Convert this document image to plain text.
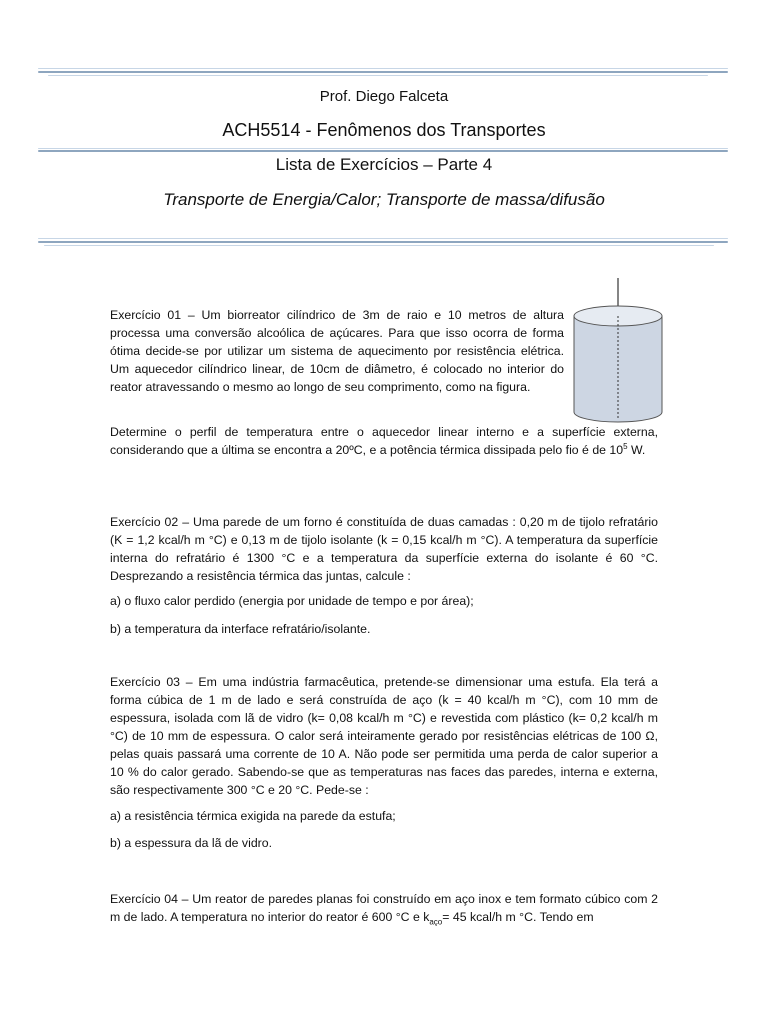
Prof. Diego Falceta
ACH5514 - Fenômenos dos Transportes
Lista de Exercícios – Parte 4
Transporte de Energia/Calor; Transporte de massa/difusão

Exercício 01 – Um biorreator cilíndrico de 3m de raio e 10 metros de altura processa uma conversão alcoólica de açúcares. Para que isso ocorra de forma ótima decide-se por utilizar um sistema de aquecimento por resistência elétrica. Um aquecedor cilíndrico linear, de 10cm de diâmetro, é colocado no interior do reator atravessando o mesmo ao longo de seu comprimento, como na figura.

Determine o perfil de temperatura entre o aquecedor linear interno e a superfície externa, considerando que a última se encontra a 20ºC, e a potência térmica dissipada pelo fio é de $10^5$ W.

Exercício 02 – Uma parede de um forno é constituída de duas camadas : 0,20 m de tijolo refratário (K = 1,2 kcal/h m °C) e 0,13 m de tijolo isolante (k = 0,15 kcal/h m °C). A temperatura da superfície interna do refratário é 1300 °C e a temperatura da superfície externa do isolante é 60 °C. Desprezando a resistência térmica das juntas, calcule :

a) o fluxo calor perdido (energia por unidade de tempo e por área);

b) a temperatura da interface refratário/isolante.

Exercício 03 – Em uma indústria farmacêutica, pretende-se dimensionar uma estufa. Ela terá a forma cúbica de 1 m de lado e será construída de aço (k = 40 kcal/h m °C), com 10 mm de espessura, isolada com lã de vidro (k= 0,08 kcal/h m °C) e revestida com plástico (k= 0,2 kcal/h m °C) de 10 mm de espessura. O calor será inteiramente gerado por resistências elétricas de 100 Ω, pelas quais passará uma corrente de 10 A. Não pode ser permitida uma perda de calor superior a 10 % do calor gerado. Sabendo-se que as temperaturas nas faces das paredes, interna e externa, são respectivamente 300 °C e 20 °C. Pede-se :

a) a resistência térmica exigida na parede da estufa;

b) a espessura da lã de vidro.

Exercício 04 – Um reator de paredes planas foi construído em aço inox e tem formato cúbico com 2 m de lado. A temperatura no interior do reator é 600 °C e $k_{aço}= 45$ kcal/h m °C. Tendo em
